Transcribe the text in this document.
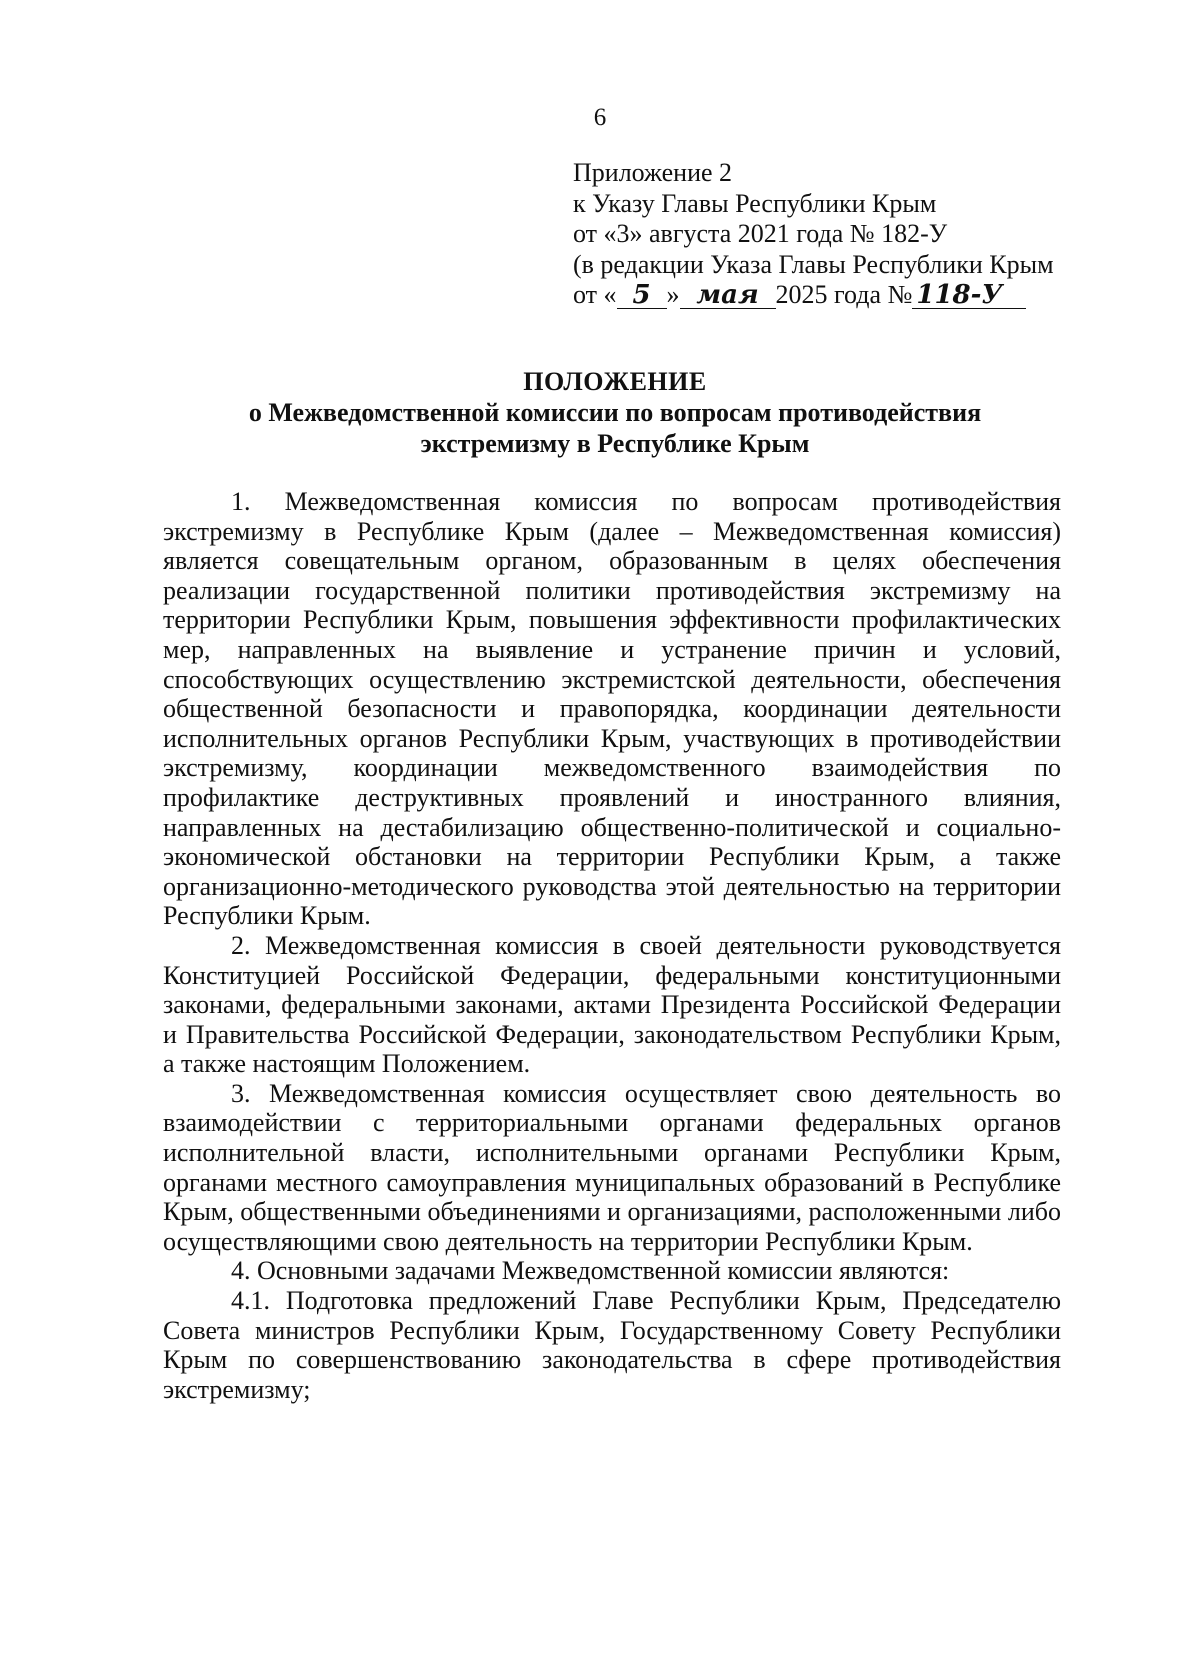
6
Приложение 2
к Указу Главы Республики Крым
от «3» августа 2021 года № 182-У
(в редакции Указа Главы Республики Крым
от « 5 » мая 2025 года № 118-У
ПОЛОЖЕНИЕ
о Межведомственной комиссии по вопросам противодействия
экстремизму в Республике Крым

1. Межведомственная комиссия по вопросам противодействия экстремизму в Республике Крым (далее – Межведомственная комиссия) является совещательным органом, образованным в целях обеспечения реализации государственной политики противодействия экстремизму на территории Республики Крым, повышения эффективности профилактических мер, направленных на выявление и устранение причин и условий, способствующих осуществлению экстремистской деятельности, обеспечения общественной безопасности и правопорядка, координации деятельности исполнительных органов Республики Крым, участвующих в противодействии экстремизму, координации межведомственного взаимодействия по профилактике деструктивных проявлений и иностранного влияния, направленных на дестабилизацию общественно-политической и социально-экономической обстановки на территории Республики Крым, а также организационно-методического руководства этой деятельностью на территории Республики Крым.

2. Межведомственная комиссия в своей деятельности руководствуется Конституцией Российской Федерации, федеральными конституционными законами, федеральными законами, актами Президента Российской Федерации и Правительства Российской Федерации, законодательством Республики Крым, а также настоящим Положением.

3. Межведомственная комиссия осуществляет свою деятельность во взаимодействии с территориальными органами федеральных органов исполнительной власти, исполнительными органами Республики Крым, органами местного самоуправления муниципальных образований в Республике Крым, общественными объединениями и организациями, расположенными либо осуществляющими свою деятельность на территории Республики Крым.

4. Основными задачами Межведомственной комиссии являются:

4.1. Подготовка предложений Главе Республики Крым, Председателю Совета министров Республики Крым, Государственному Совету Республики Крым по совершенствованию законодательства в сфере противодействия экстремизму;
